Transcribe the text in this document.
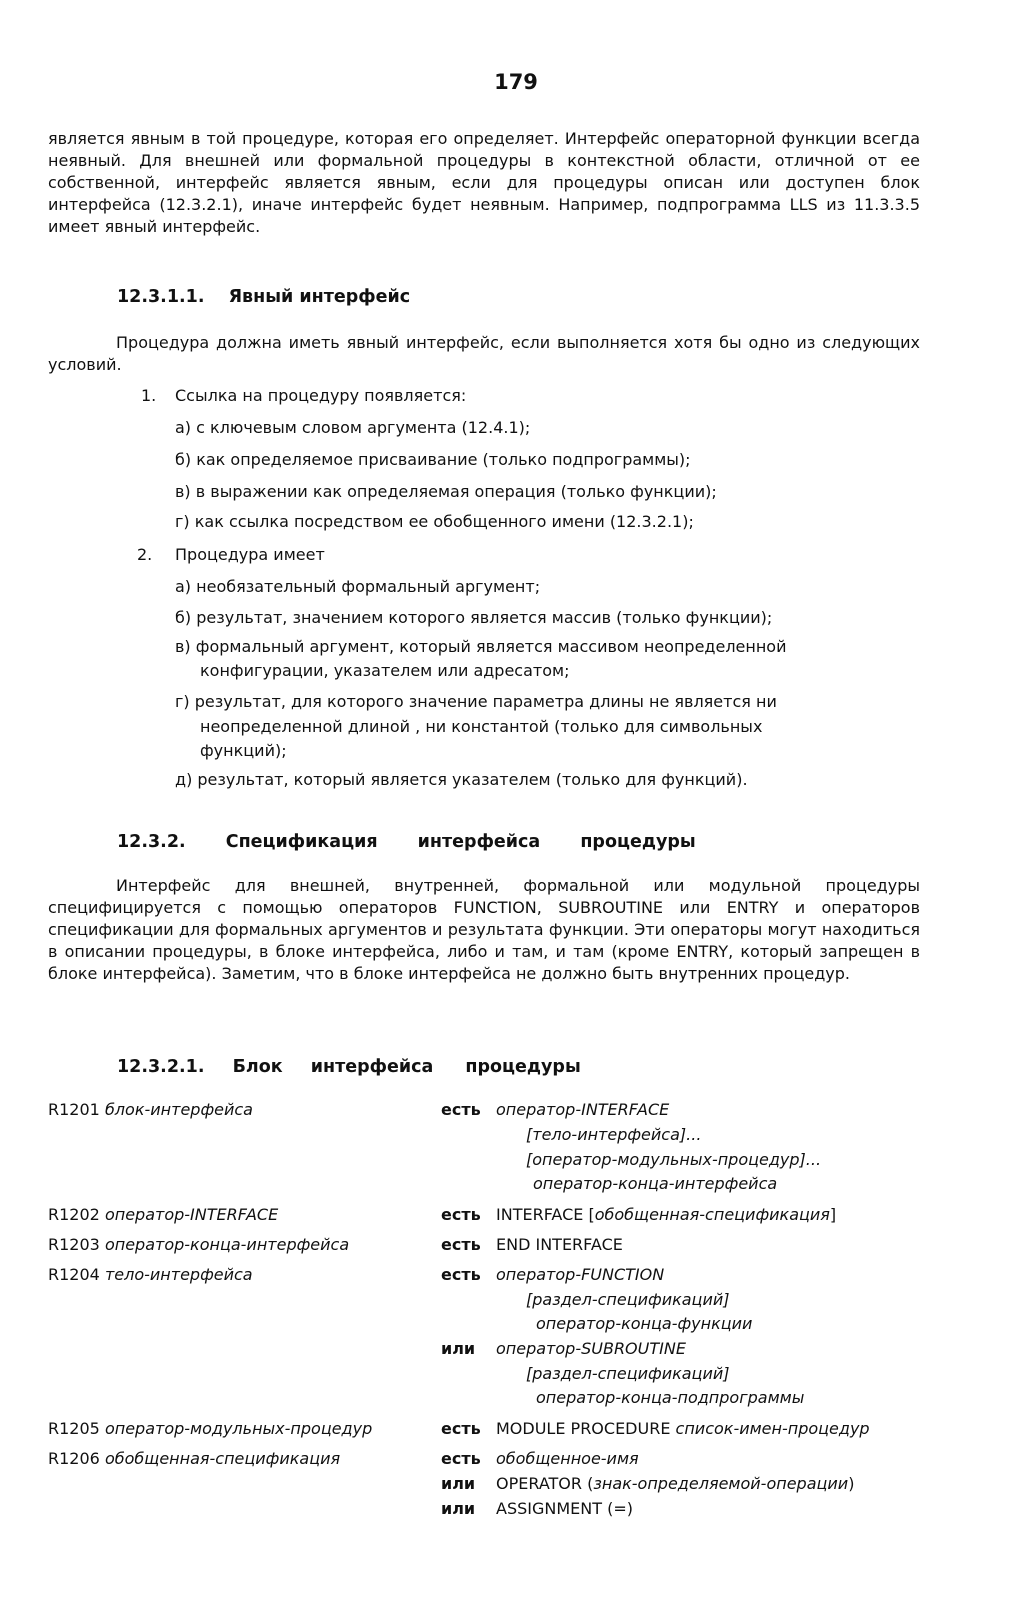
179

является явным в той процедуре, которая его определяет. Интерфейс операторной функции всегда неявный. Для внешней или формальной процедуры в контекстной области, отличной от ее собственной, интерфейс является явным, если для процедуры описан или доступен блок интерфейса (12.3.2.1), иначе интерфейс будет неявным. Например, подпрограмма LLS из 11.3.3.5 имеет явный интерфейс.

12.3.1.1. Явный интерфейс

Процедура должна иметь явный интерфейс, если выполняется хотя бы одно из следующих условий.

1. Ссылка на процедуру появляется:
а) с ключевым словом аргумента (12.4.1);
б) как определяемое присваивание (только подпрограммы);
в) в выражении как определяемая операция (только функции);
г) как ссылка посредством ее обобщенного имени (12.3.2.1);
2. Процедура имеет
а) необязательный формальный аргумент;
б) результат, значением которого является массив (только функции);
в) формальный аргумент, который является массивом неопределенной
конфигурации, указателем или адресатом;
г) результат, для которого значение параметра длины не является ни
неопределенной длиной , ни константой (только для символьных
функций);
д) результат, который является указателем (только для функций).
12.3.2. Спецификация интерфейса процедуры

Интерфейс для внешней, внутренней, формальной или модульной процедуры специфицируется с помощью операторов FUNCTION, SUBROUTINE или ENTRY и операторов спецификации для формальных аргументов и результата функции. Эти операторы могут находиться в описании процедуры, в блоке интерфейса, либо и там, и там (кроме ENTRY, который запрещен в блоке интерфейса). Заметим, что в блоке интерфейса не должно быть внутренних процедур.

12.3.2.1. Блок интерфейса процедуры
R1201 блок-интерфейса	есть оператор-INTERFACE
[тело-интерфейса]...
[оператор-модульных-процедур]...
оператор-конца-интерфейса
R1202 оператор-INTERFACE	есть INTERFACE [обобщенная-спецификация]
R1203 оператор-конца-интерфейса	есть END INTERFACE
R1204 тело-интерфейса	есть оператор-FUNCTION
[раздел-спецификаций]
оператор-конца-функции
или оператор-SUBROUTINE
[раздел-спецификаций]
оператор-конца-подпрограммы
R1205 оператор-модульных-процедур	есть MODULE PROCEDURE список-имен-процедур
R1206 обобщенная-спецификация	есть обобщенное-имя
или OPERATOR (знак-определяемой-операции)
или ASSIGNMENT (=)
